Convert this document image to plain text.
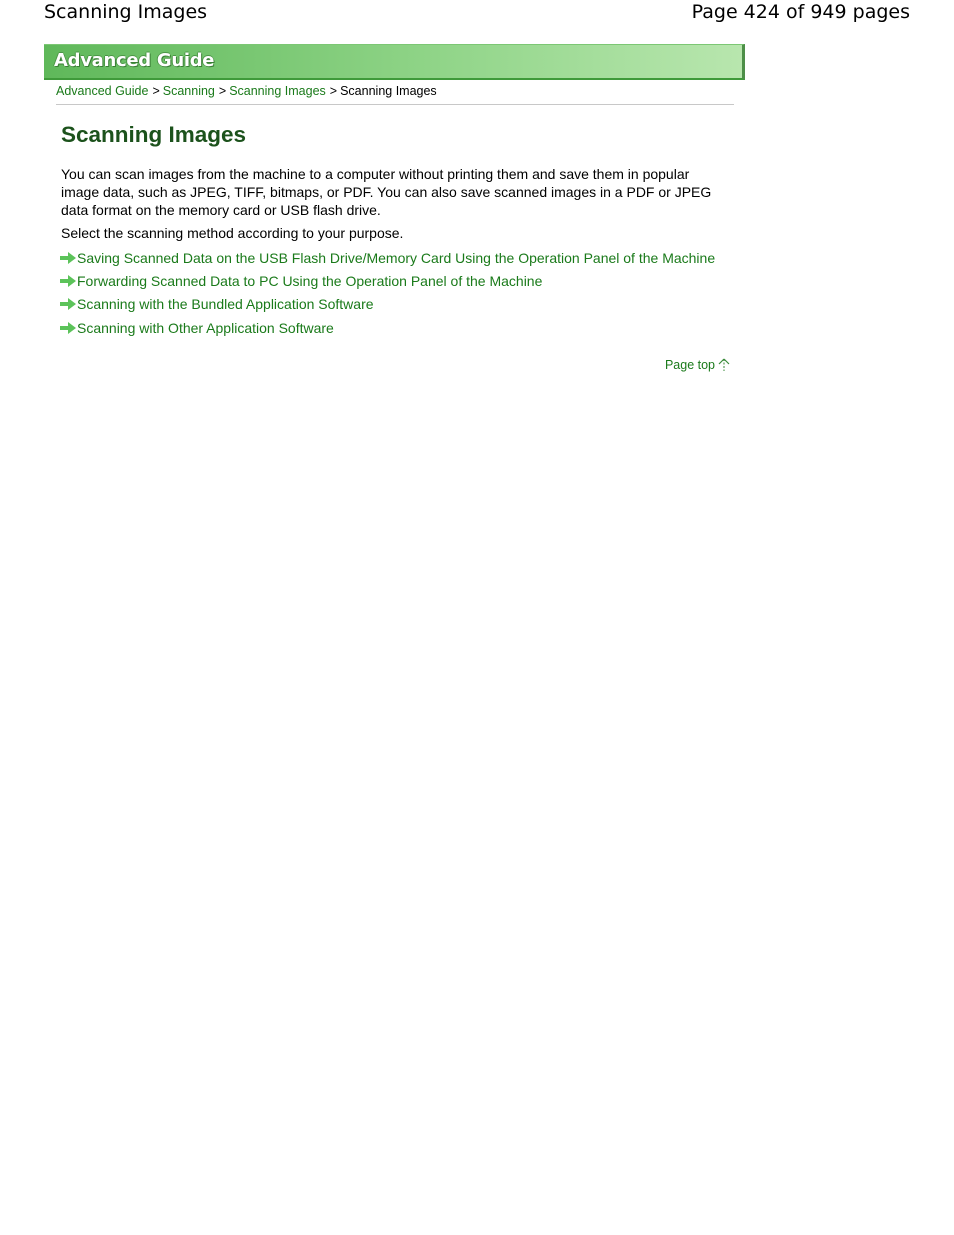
Scanning Images	Page 424 of 949 pages
Advanced Guide
Advanced Guide > Scanning > Scanning Images > Scanning Images
Scanning Images

You can scan images from the machine to a computer without printing them and save them in popular image data, such as JPEG, TIFF, bitmaps, or PDF. You can also save scanned images in a PDF or JPEG data format on the memory card or USB flash drive.

Select the scanning method according to your purpose.

Saving Scanned Data on the USB Flash Drive/Memory Card Using the Operation Panel of the Machine
Forwarding Scanned Data to PC Using the Operation Panel of the Machine
Scanning with the Bundled Application Software
Scanning with Other Application Software
Page top
